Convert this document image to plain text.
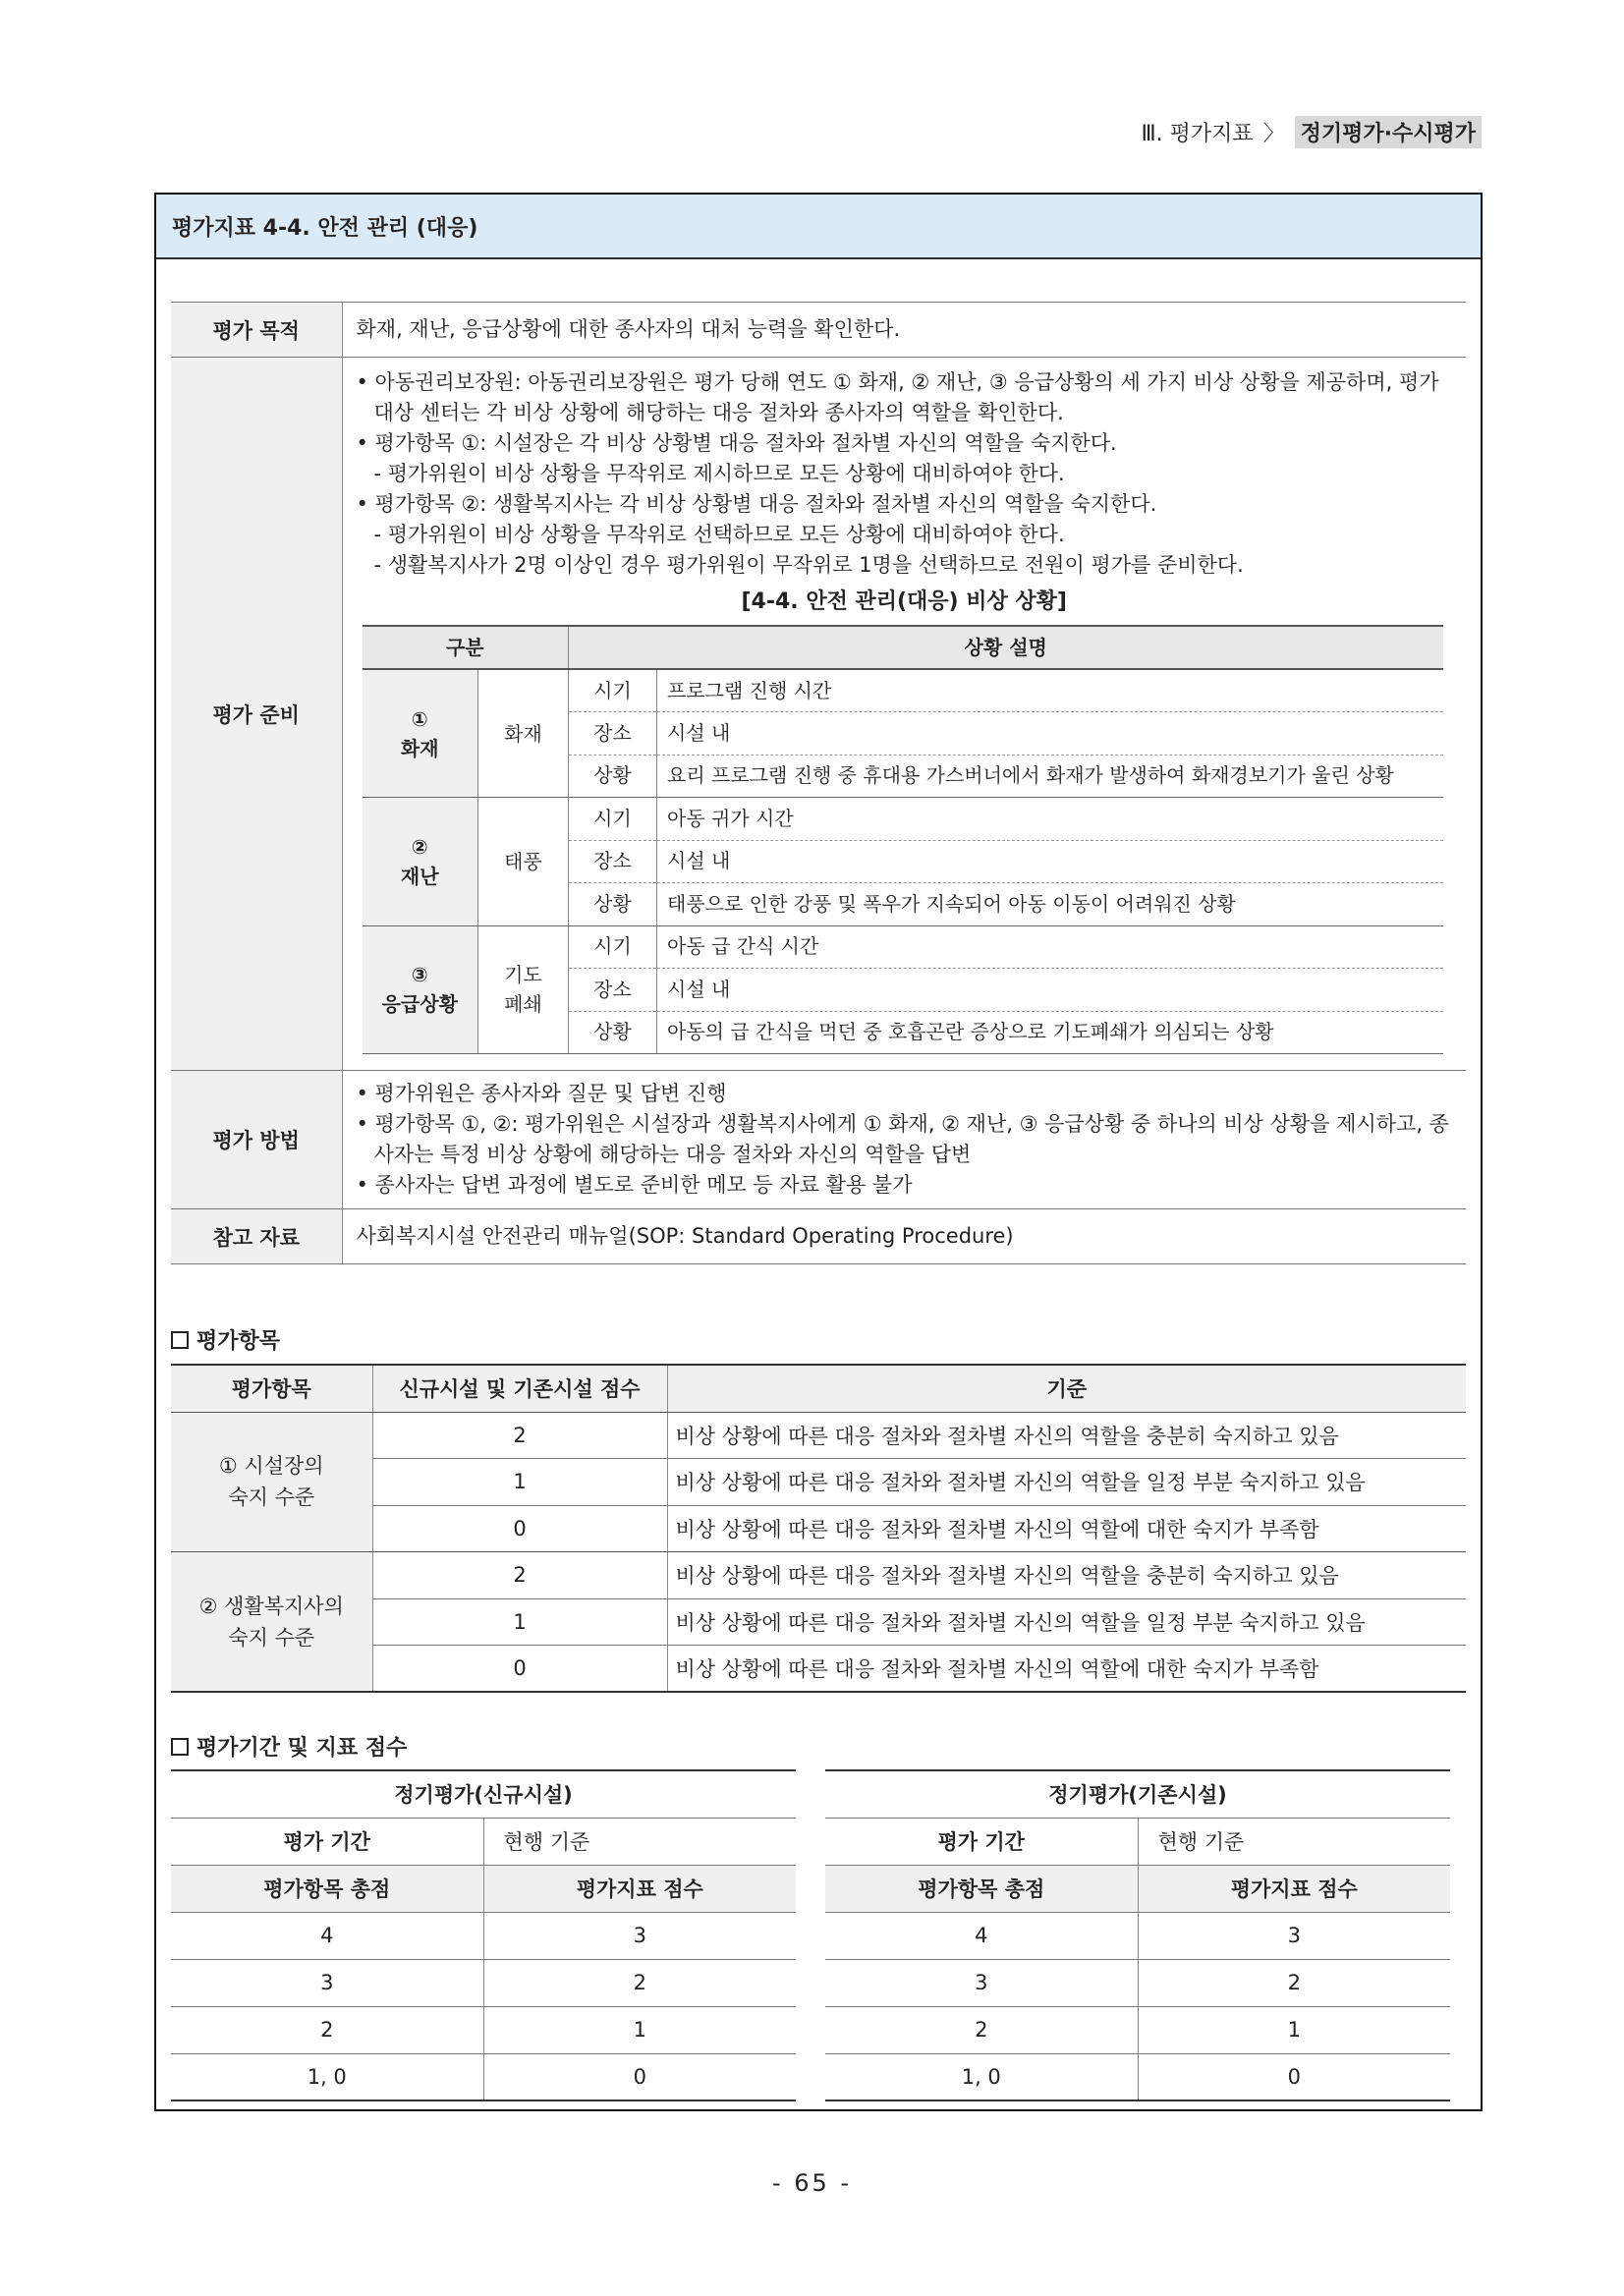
Ⅲ. 평가지표 〉 정기평가·수시평가
평가지표 4-4. 안전 관리 (대응)
평가 목적	화재, 재난, 응급상황에 대한 종사자의 대처 능력을 확인한다.
평가 준비	
• 아동권리보장원: 아동권리보장원은 평가 당해 연도 ① 화재, ② 재난, ③ 응급상황의 세 가지 비상 상황을 제공하며, 평가대상 센터는 각 비상 상황에 해당하는 대응 절차와 종사자의 역할을 확인한다.
• 평가항목 ①: 시설장은 각 비상 상황별 대응 절차와 절차별 자신의 역할을 숙지한다.
- 평가위원이 비상 상황을 무작위로 제시하므로 모든 상황에 대비하여야 한다.
• 평가항목 ②: 생활복지사는 각 비상 상황별 대응 절차와 절차별 자신의 역할을 숙지한다.
- 평가위원이 비상 상황을 무작위로 선택하므로 모든 상황에 대비하여야 한다.
- 생활복지사가 2명 이상인 경우 평가위원이 무작위로 1명을 선택하므로 전원이 평가를 준비한다.
[4-4. 안전 관리(대응) 비상 상황]
구분	상황 설명

①
화재
	화재	시기	프로그램 진행 시간
장소	시설 내
상황	요리 프로그램 진행 중 휴대용 가스버너에서 화재가 발생하여 화재경보기가 울린 상황

②
재난
	태풍	시기	아동 귀가 시간
장소	시설 내
상황	태풍으로 인한 강풍 및 폭우가 지속되어 아동 이동이 어려워진 상황

③
응급상황

기도
폐쇄
	시기	아동 급 간식 시간
장소	시설 내
상황	아동의 급 간식을 먹던 중 호흡곤란 증상으로 기도폐쇄가 의심되는 상황

평가 방법	
• 평가위원은 종사자와 질문 및 답변 진행
• 평가항목 ①, ②: 평가위원은 시설장과 생활복지사에게 ① 화재, ② 재난, ③ 응급상황 중 하나의 비상 상황을 제시하고, 종사자는 특정 비상 상황에 해당하는 대응 절차와 자신의 역할을 답변
• 종사자는 답변 과정에 별도로 준비한 메모 등 자료 활용 불가

참고 자료	사회복지시설 안전관리 매뉴얼(SOP: Standard Operating Procedure)
평가항목
평가항목	신규시설 및 기존시설 점수	기준

① 시설장의
숙지 수준	2	비상 상황에 따른 대응 절차와 절차별 자신의 역할을 충분히 숙지하고 있음
	1	비상 상황에 따른 대응 절차와 절차별 자신의 역할을 일정 부분 숙지하고 있음
	0	비상 상황에 따른 대응 절차와 절차별 자신의 역할에 대한 숙지가 부족함

② 생활복지사의
숙지 수준	2	비상 상황에 따른 대응 절차와 절차별 자신의 역할을 충분히 숙지하고 있음
	1	비상 상황에 따른 대응 절차와 절차별 자신의 역할을 일정 부분 숙지하고 있음
	0	비상 상황에 따른 대응 절차와 절차별 자신의 역할에 대한 숙지가 부족함
평가기간 및 지표 점수
정기평가(신규시설)	
평가 기간	현행 기준
평가항목 총점	평가지표 점수
4	3
3	2
2	1
1, 0	0
정기평가(기존시설)	
평가 기간	현행 기준
평가항목 총점	평가지표 점수
4	3
3	2
2	1
1, 0	0
- 65 -
